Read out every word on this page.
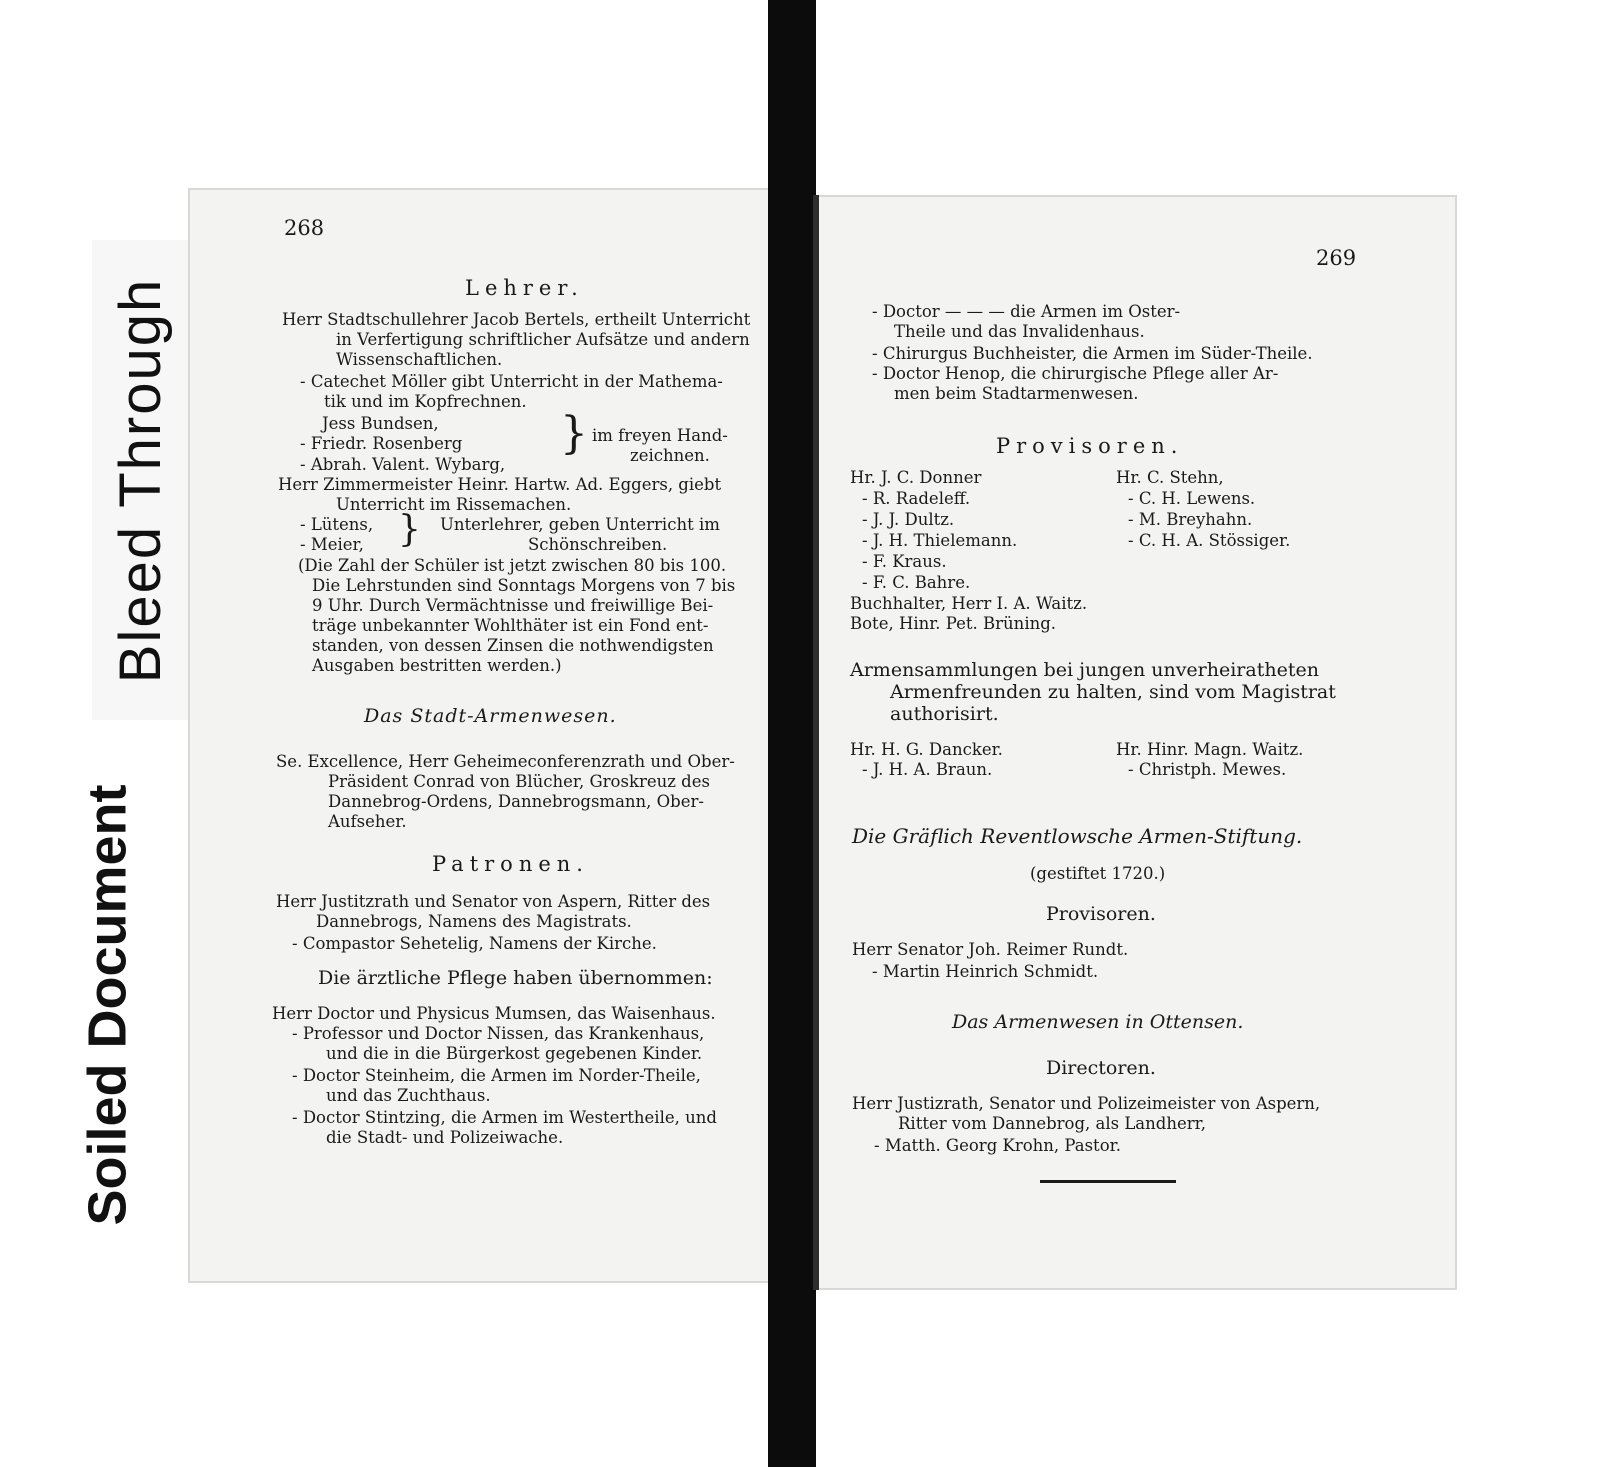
Bleed Through
Soiled Document
268
Lehrer.
Herr Stadtschullehrer Jacob Bertels, ertheilt Unterricht
in Verfertigung schriftlicher Aufsätze und andern
Wissenschaftlichen.
- Catechet Möller gibt Unterricht in der Mathema-
tik und im Kopfrechnen.
Jess Bundsen,
- Friedr. Rosenberg
- Abrah. Valent. Wybarg,
} im freyen Hand-
zeichnen.
Herr Zimmermeister Heinr. Hartw. Ad. Eggers, giebt
Unterricht im Rissemachen.
- Lütens,
- Meier, } Unterlehrer, geben Unterricht im
Schönschreiben.
(Die Zahl der Schüler ist jetzt zwischen 80 bis 100.
Die Lehrstunden sind Sonntags Morgens von 7 bis
9 Uhr. Durch Vermächtnisse und freiwillige Bei-
träge unbekannter Wohlthäter ist ein Fond ent-
standen, von dessen Zinsen die nothwendigsten
Ausgaben bestritten werden.)
Das Stadt-Armenwesen.
Se. Excellence, Herr Geheimeconferenzrath und Ober-
Präsident Conrad von Blücher, Groskreuz des
Dannebrog-Ordens, Dannebrogsmann, Ober-
Aufseher.
Patronen.
Herr Justitzrath und Senator von Aspern, Ritter des
Dannebrogs, Namens des Magistrats.
- Compastor Sehetelig, Namens der Kirche.
Die ärztliche Pflege haben übernommen:
Herr Doctor und Physicus Mumsen, das Waisenhaus.
- Professor und Doctor Nissen, das Krankenhaus,
und die in die Bürgerkost gegebenen Kinder.
- Doctor Steinheim, die Armen im Norder-Theile,
und das Zuchthaus.
- Doctor Stintzing, die Armen im Westertheile, und
die Stadt- und Polizeiwache.
269
- Doctor — — — die Armen im Oster-
Theile und das Invalidenhaus.
- Chirurgus Buchheister, die Armen im Süder-Theile.
- Doctor Henop, die chirurgische Pflege aller Ar-
men beim Stadtarmenwesen.
Provisoren.
Hr. J. C. Donner
- R. Radeleff.
- J. J. Dultz.
- J. H. Thielemann.
- F. Kraus.
- F. C. Bahre.
Hr. C. Stehn,
- C. H. Lewens.
- M. Breyhahn.
- C. H. A. Stössiger.
Buchhalter, Herr I. A. Waitz.
Bote, Hinr. Pet. Brüning.
Armensammlungen bei jungen unverheiratheten
Armenfreunden zu halten, sind vom Magistrat
authorisirt.
Hr. H. G. Dancker.
- J. H. A. Braun.
Hr. Hinr. Magn. Waitz.
- Christph. Mewes.
Die Gräflich Reventlowsche Armen-Stiftung.
(gestiftet 1720.)
Provisoren.
Herr Senator Joh. Reimer Rundt.
- Martin Heinrich Schmidt.
Das Armenwesen in Ottensen.
Directoren.
Herr Justizrath, Senator und Polizeimeister von Aspern,
Ritter vom Dannebrog, als Landherr,
- Matth. Georg Krohn, Pastor.
